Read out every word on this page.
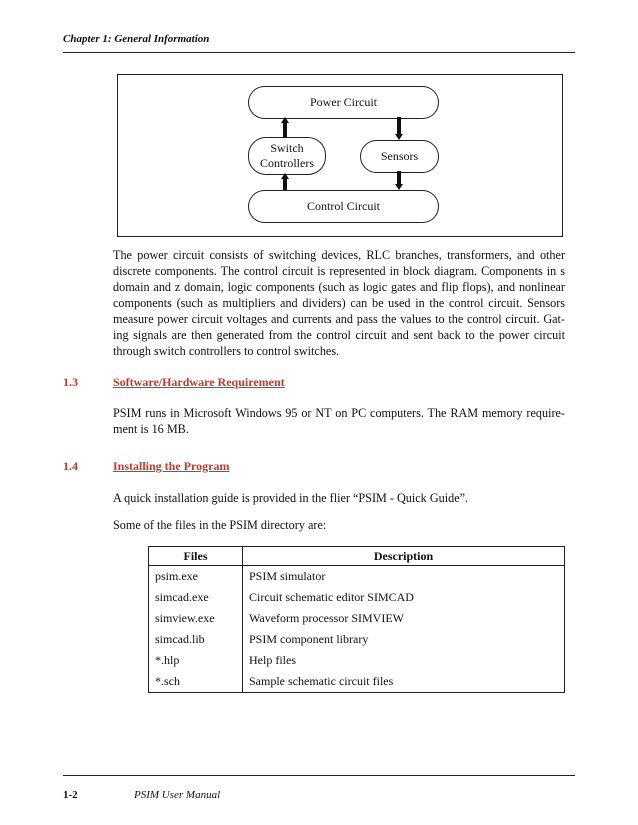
Chapter 1: General Information
Power Circuit
Switch
Controllers	Sensors
Control Circuit
The power circuit consists of switching devices, RLC branches, transformers, and other
discrete components. The control circuit is represented in block diagram. Components in s
domain and z domain, logic components (such as logic gates and flip flops), and nonlinear
components (such as multipliers and dividers) can be used in the control circuit. Sensors
measure power circuit voltages and currents and pass the values to the control circuit. Gat-
ing signals are then generated from the control circuit and sent back to the power circuit
through switch controllers to control switches.
1.3	Software/Hardware Requirement
PSIM runs in Microsoft Windows 95 or NT on PC computers. The RAM memory require-
ment is 16 MB.
1.4	Installing the Program
A quick installation guide is provided in the flier “PSIM - Quick Guide”.
Some of the files in the PSIM directory are:
Files	Description
psim.exe	PSIM simulator
simcad.exe	Circuit schematic editor SIMCAD
simview.exe	Waveform processor SIMVIEW
simcad.lib	PSIM component library
*.hlp	Help files
*.sch	Sample schematic circuit files
1-2	PSIM User Manual
